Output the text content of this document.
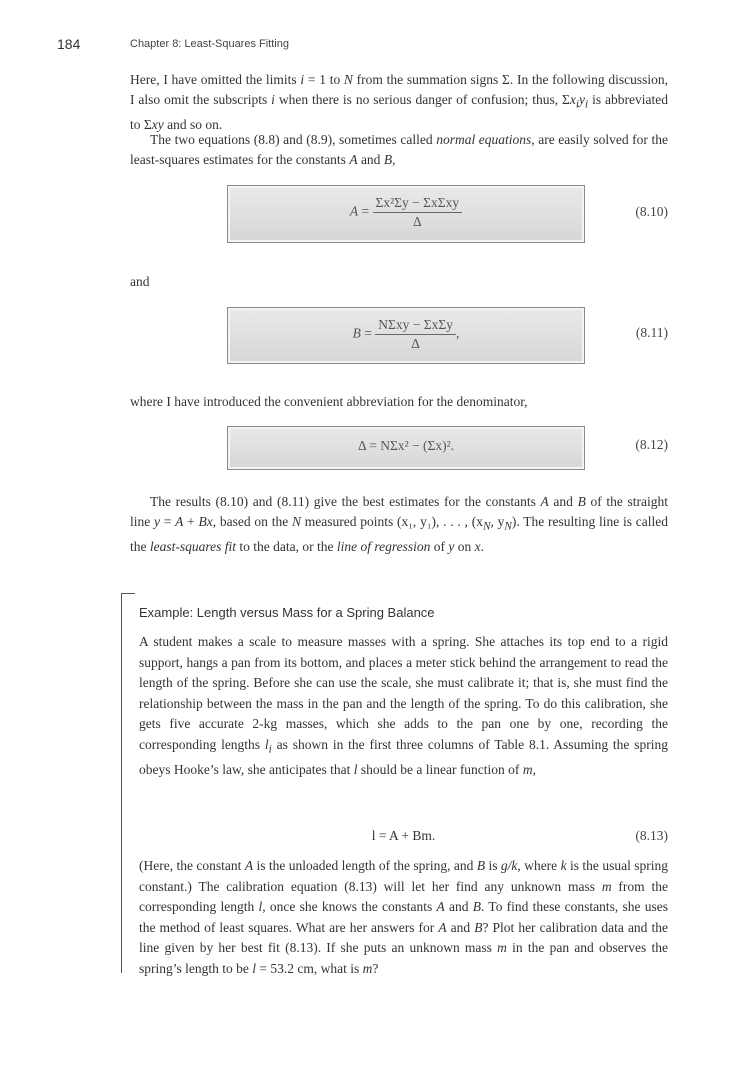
184	Chapter 8: Least-Squares Fitting
Here, I have omitted the limits i = 1 to N from the summation signs Σ. In the following discussion, I also omit the subscripts i when there is no serious danger of confusion; thus, $\Sigma x_iy_i$ is abbreviated to Σxy and so on.
The two equations (8.8) and (8.9), sometimes called normal equations, are easily solved for the least-squares estimates for the constants A and B,
$A = \frac{\text{Σx²Σy − ΣxΣxy}}{\Delta}$	(8.10)
and
$B = \frac{\text{NΣxy − ΣxΣy}}{\Delta}$ ,	(8.11)
where I have introduced the convenient abbreviation for the denominator,
Δ = NΣx² − (Σx)².	(8.12)
The results (8.10) and (8.11) give the best estimates for the constants A and B of the straight line y = A + Bx, based on the N measured points (x₁, y₁), . . . , ($x_N$, $y_N$). The resulting line is called the least-squares fit to the data, or the line of regression of y on x.
Example: Length versus Mass for a Spring Balance
A student makes a scale to measure masses with a spring. She attaches its top end to a rigid support, hangs a pan from its bottom, and places a meter stick behind the arrangement to read the length of the spring. Before she can use the scale, she must calibrate it; that is, she must find the relationship between the mass in the pan and the length of the spring. To do this calibration, she gets five accurate 2-kg masses, which she adds to the pan one by one, recording the corresponding lengths $l_i$ as shown in the first three columns of Table 8.1. Assuming the spring obeys Hooke’s law, she anticipates that l should be a linear function of m,
l = A + Bm.	(8.13)
(Here, the constant A is the unloaded length of the spring, and B is g/k, where k is the usual spring constant.) The calibration equation (8.13) will let her find any unknown mass m from the corresponding length l, once she knows the constants A and B. To find these constants, she uses the method of least squares. What are her answers for A and B? Plot her calibration data and the line given by her best fit (8.13). If she puts an unknown mass m in the pan and observes the spring’s length to be l = 53.2 cm, what is m?
